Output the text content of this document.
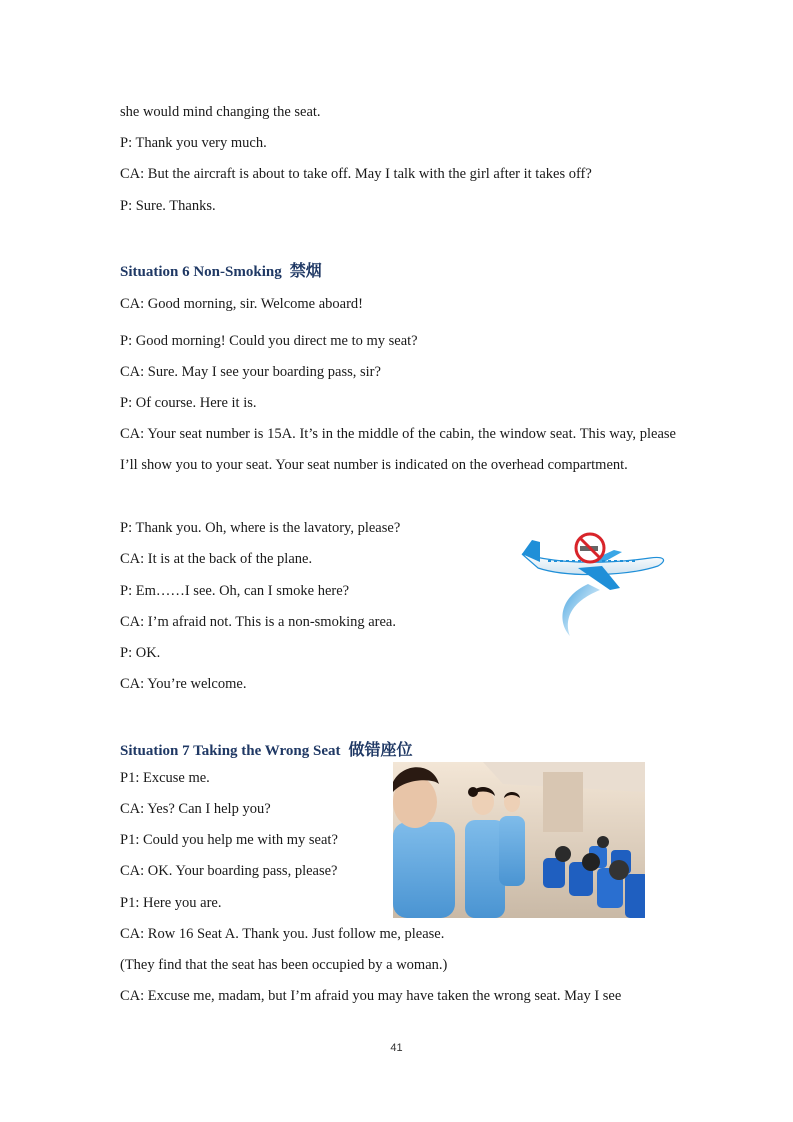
she would mind changing the seat.
P: Thank you very much.
CA: But the aircraft is about to take off. May I talk with the girl after it takes off?
P: Sure. Thanks.
Situation 6 Non-Smoking 禁烟
CA: Good morning, sir. Welcome aboard!
P: Good morning! Could you direct me to my seat?
CA: Sure. May I see your boarding pass, sir?
P: Of course. Here it is.
CA: Your seat number is 15A. It’s in the middle of the cabin, the window seat. This way, please I’ll show you to your seat. Your seat number is indicated on the overhead compartment.
P: Thank you. Oh, where is the lavatory, please?
CA: It is at the back of the plane.
P: Em……I see. Oh, can I smoke here?
CA: I’m afraid not. This is a non-smoking area.
P: OK.
CA: You’re welcome.
Situation 7 Taking the Wrong Seat 做错座位
P1: Excuse me.
CA: Yes? Can I help you?
P1: Could you help me with my seat?
CA: OK. Your boarding pass, please?
P1: Here you are.
CA: Row 16 Seat A. Thank you. Just follow me, please.
(They find that the seat has been occupied by a woman.)
CA: Excuse me, madam, but I’m afraid you may have taken the wrong seat. May I see
41
